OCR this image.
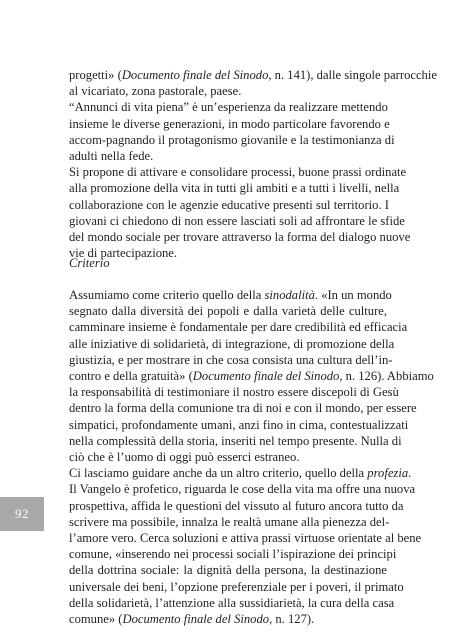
progetti» (Documento finale del Sinodo, n. 141), dalle singole parrocchie
al vicariato, zona pastorale, paese.
“Annunci di vita piena” è un’esperienza da realizzare mettendo
insieme le diverse generazioni, in modo particolare favorendo e
accom-pagnando il protagonismo giovanile e la testimonianza di
adulti nella fede.
Si propone di attivare e consolidare processi, buone prassi ordinate
alla promozione della vita in tutti gli ambiti e a tutti i livelli, nella
collaborazione con le agenzie educative presenti sul territorio. I
giovani ci chiedono di non essere lasciati soli ad affrontare le sfide
del mondo sociale per trovare attraverso la forma del dialogo nuove
vie di partecipazione.
Criterio
Assumiamo come criterio quello della sinodalità. «In un mondo
segnato dalla diversità dei popoli e dalla varietà delle culture,
camminare insieme è fondamentale per dare credibilità ed efficacia
alle iniziative di solidarietà, di integrazione, di promozione della
giustizia, e per mostrare in che cosa consista una cultura dell’in-
contro e della gratuità» (Documento finale del Sinodo, n. 126). Abbiamo
la responsabilità di testimoniare il nostro essere discepoli di Gesù
dentro la forma della comunione tra di noi e con il mondo, per essere
simpatici, profondamente umani, anzi fino in cima, contestualizzati
nella complessità della storia, inseriti nel tempo presente. Nulla di
ciò che è l’uomo di oggi può esserci estraneo.
Ci lasciamo guidare anche da un altro criterio, quello della profezia.
Il Vangelo è profetico, riguarda le cose della vita ma offre una nuova
prospettiva, affida le questioni del vissuto al futuro ancora tutto da
scrivere ma possibile, innalza le realtà umane alla pienezza del-
l’amore vero. Cerca soluzioni e attiva prassi virtuose orientate al bene
comune, «inserendo nei processi sociali l’ispirazione dei principi
della dottrina sociale: la dignità della persona, la destinazione
universale dei beni, l’opzione preferenziale per i poveri, il primato
della solidarietà, l’attenzione alla sussidiarietà, la cura della casa
comune» (Documento finale del Sinodo, n. 127).
92
